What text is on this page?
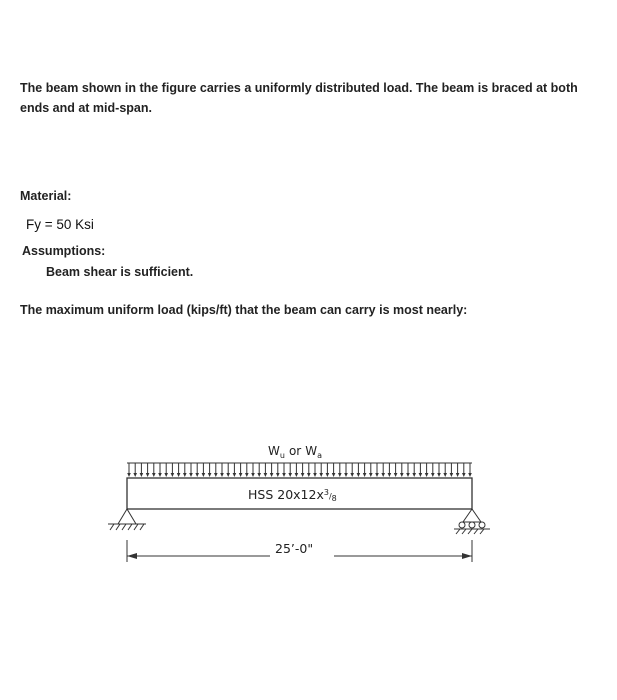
The beam shown in the figure carries a uniformly distributed load. The beam is braced at both ends and at mid-span.
Material:
Fy = 50 Ksi
Assumptions:
Beam shear is sufficient.
The maximum uniform load (kips/ft) that the beam can carry is most nearly:
$W_u$ or $W_a$
HSS $20x12x^3_/8$
25’-0"
